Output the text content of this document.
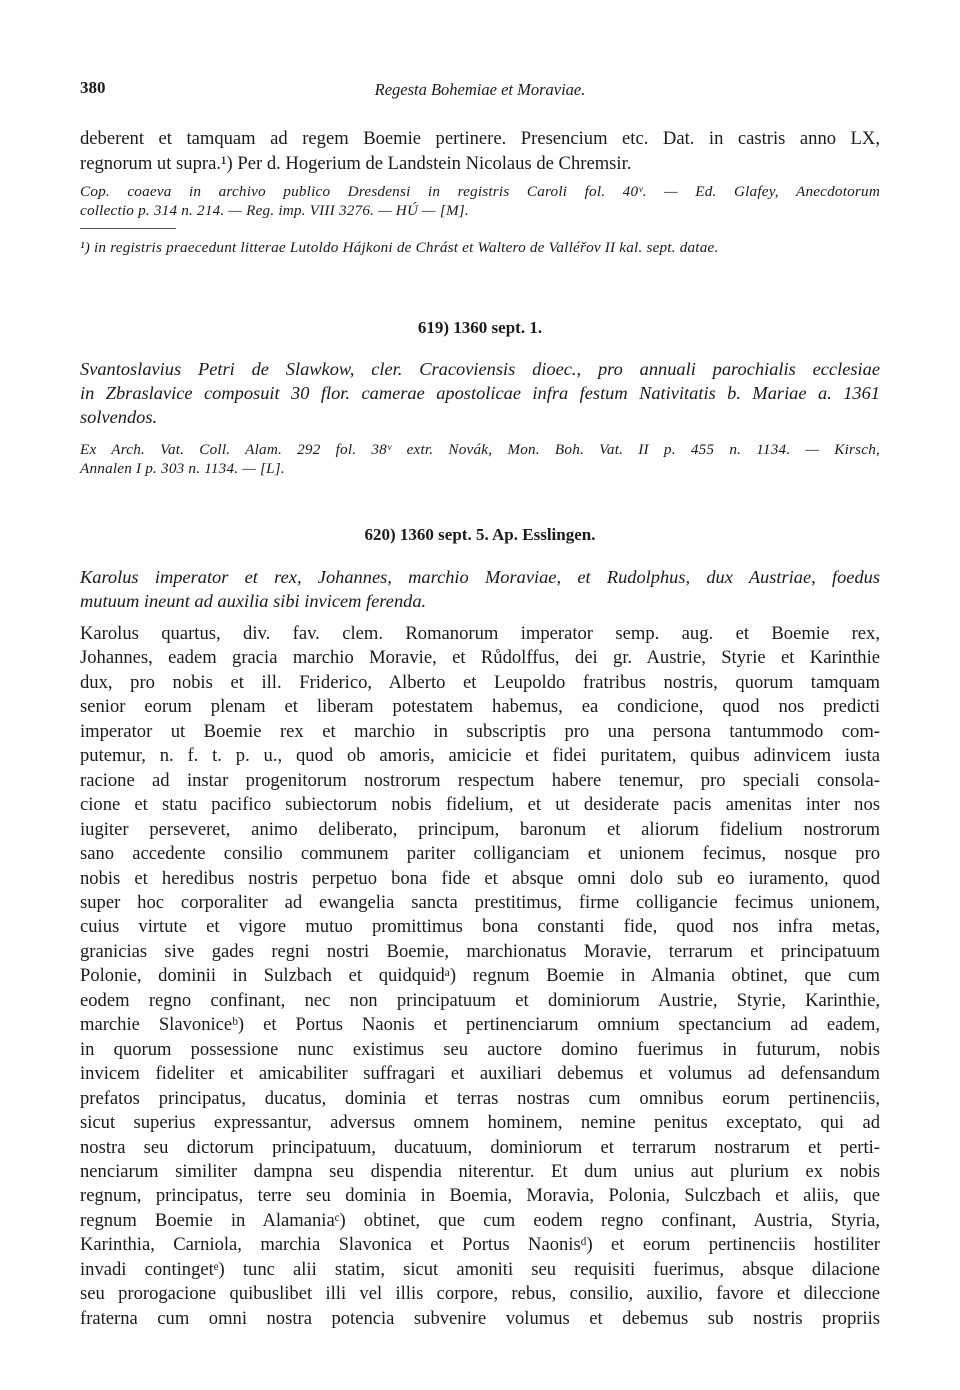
380	Regesta Bohemiae et Moraviae.

deberent et tamquam ad regem Boemie pertinere. Presencium etc. Dat. in castris anno LX,
regnorum ut supra.¹) Per d. Hogerium de Landstein Nicolaus de Chremsir.

Cop. coaeva in archivo publico Dresdensi in registris Caroli fol. 40ᵛ. — Ed. Glafey, Anecdotorum
collectio p. 314 n. 214. — Reg. imp. VIII 3276. — HÚ — [M].

¹) in registris praecedunt litterae Lutoldo Hájkoni de Chrást et Waltero de Valléřov II kal. sept. datae.

619) 1360 sept. 1.

Svantoslavius Petri de Slawkow, cler. Cracoviensis dioec., pro annuali parochialis ecclesiae
in Zbraslavice composuit 30 flor. camerae apostolicae infra festum Nativitatis b. Mariae a. 1361
solvendos.

Ex Arch. Vat. Coll. Alam. 292 fol. 38ᵛ extr. Novák, Mon. Boh. Vat. II p. 455 n. 1134. — Kirsch,
Annalen I p. 303 n. 1134. — [L].

620) 1360 sept. 5. Ap. Esslingen.

Karolus imperator et rex, Johannes, marchio Moraviae, et Rudolphus, dux Austriae, foedus
mutuum ineunt ad auxilia sibi invicem ferenda.

Karolus quartus, div. fav. clem. Romanorum imperator semp. aug. et Boemie rex,
Johannes, eadem gracia marchio Moravie, et Růdolffus, dei gr. Austrie, Styrie et Karinthie
dux, pro nobis et ill. Friderico, Alberto et Leupoldo fratribus nostris, quorum tamquam
senior eorum plenam et liberam potestatem habemus, ea condicione, quod nos predicti
imperator ut Boemie rex et marchio in subscriptis pro una persona tantummodo com-
putemur, n. f. t. p. u., quod ob amoris, amicicie et fidei puritatem, quibus adinvicem iusta
racione ad instar progenitorum nostrorum respectum habere tenemur, pro speciali consola-
cione et statu pacifico subiectorum nobis fidelium, et ut desiderate pacis amenitas inter nos
iugiter perseveret, animo deliberato, principum, baronum et aliorum fidelium nostrorum
sano accedente consilio communem pariter colliganciam et unionem fecimus, nosque pro
nobis et heredibus nostris perpetuo bona fide et absque omni dolo sub eo iuramento, quod
super hoc corporaliter ad ewangelia sancta prestitimus, firme colligancie fecimus unionem,
cuius virtute et vigore mutuo promittimus bona constanti fide, quod nos infra metas,
granicias sive gades regni nostri Boemie, marchionatus Moravie, terrarum et principatuum
Polonie, dominii in Sulzbach et quidquidᵃ) regnum Boemie in Almania obtinet, que cum
eodem regno confinant, nec non principatuum et dominiorum Austrie, Styrie, Karinthie,
marchie Slavoniceᵇ) et Portus Naonis et pertinenciarum omnium spectancium ad eadem,
in quorum possessione nunc existimus seu auctore domino fuerimus in futurum, nobis
invicem fideliter et amicabiliter suffragari et auxiliari debemus et volumus ad defensandum
prefatos principatus, ducatus, dominia et terras nostras cum omnibus eorum pertinenciis,
sicut superius expressantur, adversus omnem hominem, nemine penitus exceptato, qui ad
nostra seu dictorum principatuum, ducatuum, dominiorum et terrarum nostrarum et perti-
nenciarum similiter dampna seu dispendia niterentur. Et dum unius aut plurium ex nobis
regnum, principatus, terre seu dominia in Boemia, Moravia, Polonia, Sulczbach et aliis, que
regnum Boemie in Alamaniaᶜ) obtinet, que cum eodem regno confinant, Austria, Styria,
Karinthia, Carniola, marchia Slavonica et Portus Naonisᵈ) et eorum pertinenciis hostiliter
invadi contingetᵉ) tunc alii statim, sicut amoniti seu requisiti fuerimus, absque dilacione
seu prorogacione quibuslibet illi vel illis corpore, rebus, consilio, auxilio, favore et dileccione
fraterna cum omni nostra potencia subvenire volumus et debemus sub nostris propriis
